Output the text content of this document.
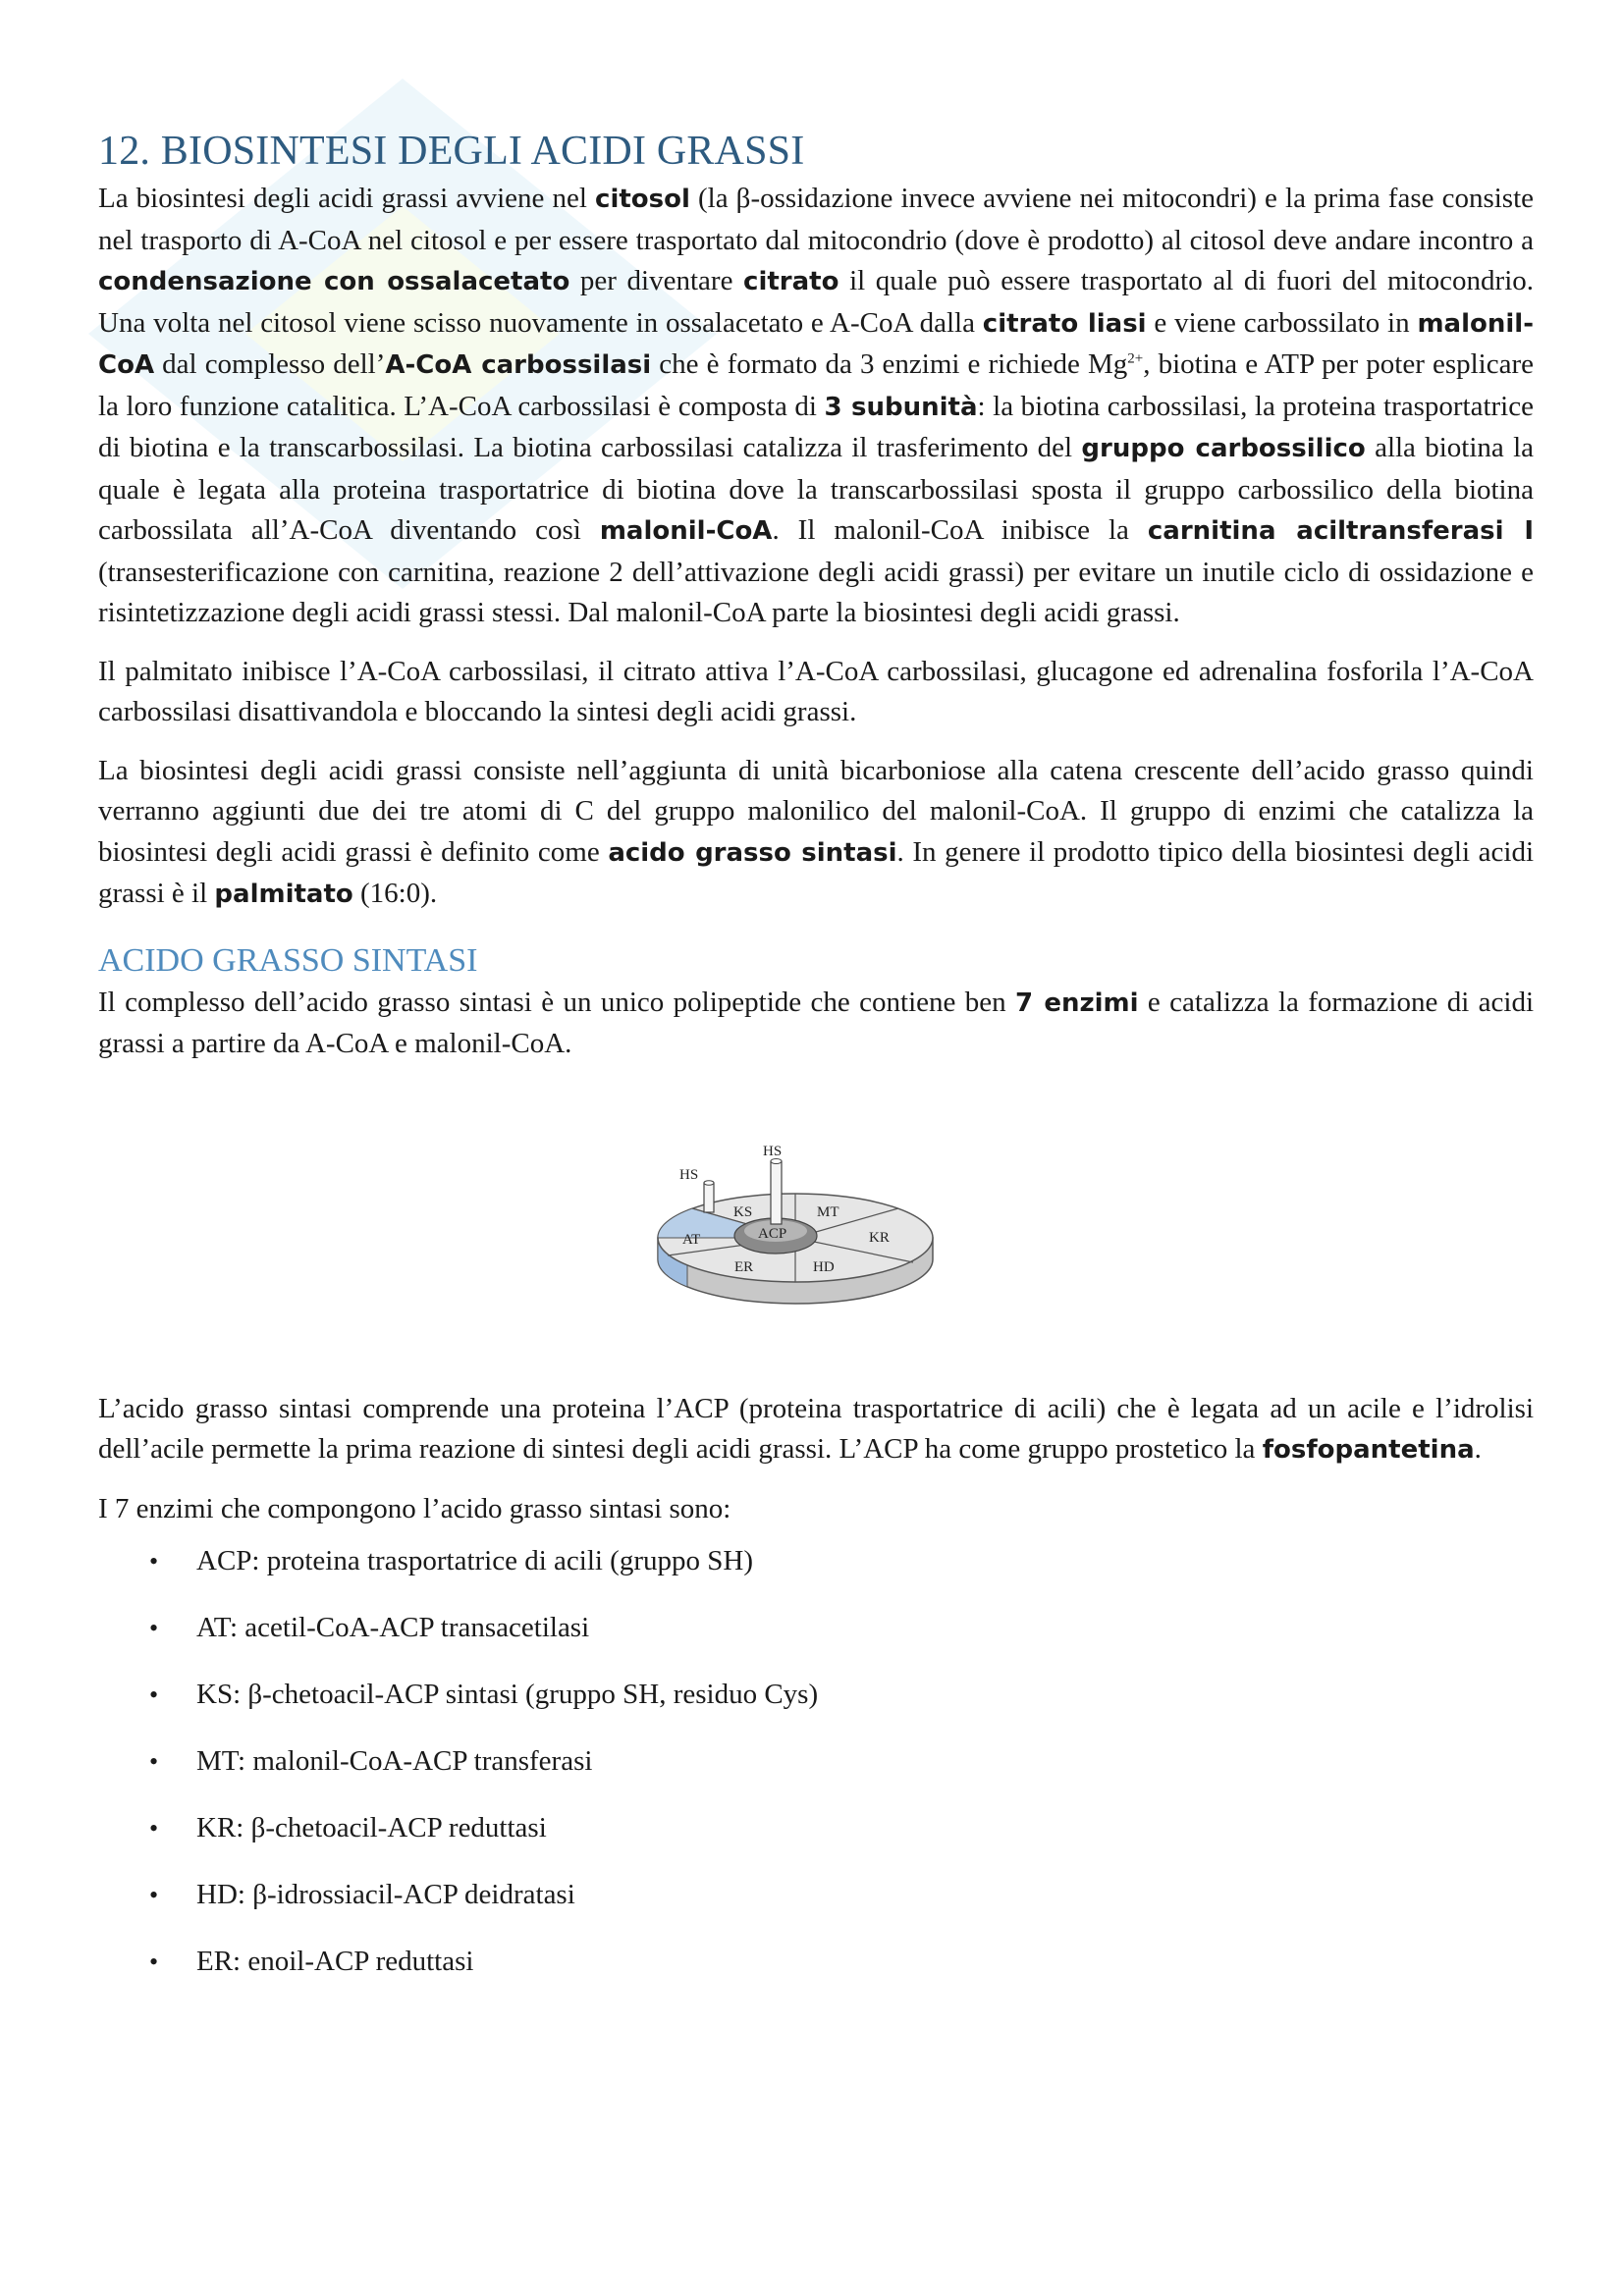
12. BIOSINTESI DEGLI ACIDI GRASSI

La biosintesi degli acidi grassi avviene nel citosol (la β-ossidazione invece avviene nei mitocondri) e la prima fase consiste nel trasporto di A-CoA nel citosol e per essere trasportato dal mitocondrio (dove è prodotto) al citosol deve andare incontro a condensazione con ossalacetato per diventare citrato il quale può essere trasportato al di fuori del mitocondrio. Una volta nel citosol viene scisso nuovamente in ossalacetato e A-CoA dalla citrato liasi e viene carbossilato in malonil-CoA dal complesso dell’A-CoA carbossilasi che è formato da 3 enzimi e richiede $Mg^{2+}$, biotina e ATP per poter esplicare la loro funzione catalitica. L’A-CoA carbossilasi è composta di 3 subunità: la biotina carbossilasi, la proteina trasportatrice di biotina e la transcarbossilasi. La biotina carbossilasi catalizza il trasferimento del gruppo carbossilico alla biotina la quale è legata alla proteina trasportatrice di biotina dove la transcarbossilasi sposta il gruppo carbossilico della biotina carbossilata all’A-CoA diventando così malonil-CoA. Il malonil-CoA inibisce la carnitina aciltransferasi I (transesterificazione con carnitina, reazione 2 dell’attivazione degli acidi grassi) per evitare un inutile ciclo di ossidazione e risintetizzazione degli acidi grassi stessi. Dal malonil-CoA parte la biosintesi degli acidi grassi.

Il palmitato inibisce l’A-CoA carbossilasi, il citrato attiva l’A-CoA carbossilasi, glucagone ed adrenalina fosforila l’A-CoA carbossilasi disattivandola e bloccando la sintesi degli acidi grassi.

La biosintesi degli acidi grassi consiste nell’aggiunta di unità bicarboniose alla catena crescente dell’acido grasso quindi verranno aggiunti due dei tre atomi di C del gruppo malonilico del malonil-CoA. Il gruppo di enzimi che catalizza la biosintesi degli acidi grassi è definito come acido grasso sintasi. In genere il prodotto tipico della biosintesi degli acidi grassi è il palmitato (16:0).

ACIDO GRASSO SINTASI

Il complesso dell’acido grasso sintasi è un unico polipeptide che contiene ben 7 enzimi e catalizza la formazione di acidi grassi a partire da A-CoA e malonil-CoA.

HS
HS
KS	MT
AT	ACP	KR
ER	HD

L’acido grasso sintasi comprende una proteina l’ACP (proteina trasportatrice di acili) che è legata ad un acile e l’idrolisi dell’acile permette la prima reazione di sintesi degli acidi grassi. L’ACP ha come gruppo prostetico la fosfopantetina.

I 7 enzimi che compongono l’acido grasso sintasi sono:

• ACP: proteina trasportatrice di acili (gruppo SH)
• AT: acetil-CoA-ACP transacetilasi
• KS: β-chetoacil-ACP sintasi (gruppo SH, residuo Cys)
• MT: malonil-CoA-ACP transferasi
• KR: β-chetoacil-ACP reduttasi
• HD: β-idrossiacil-ACP deidratasi
• ER: enoil-ACP reduttasi
